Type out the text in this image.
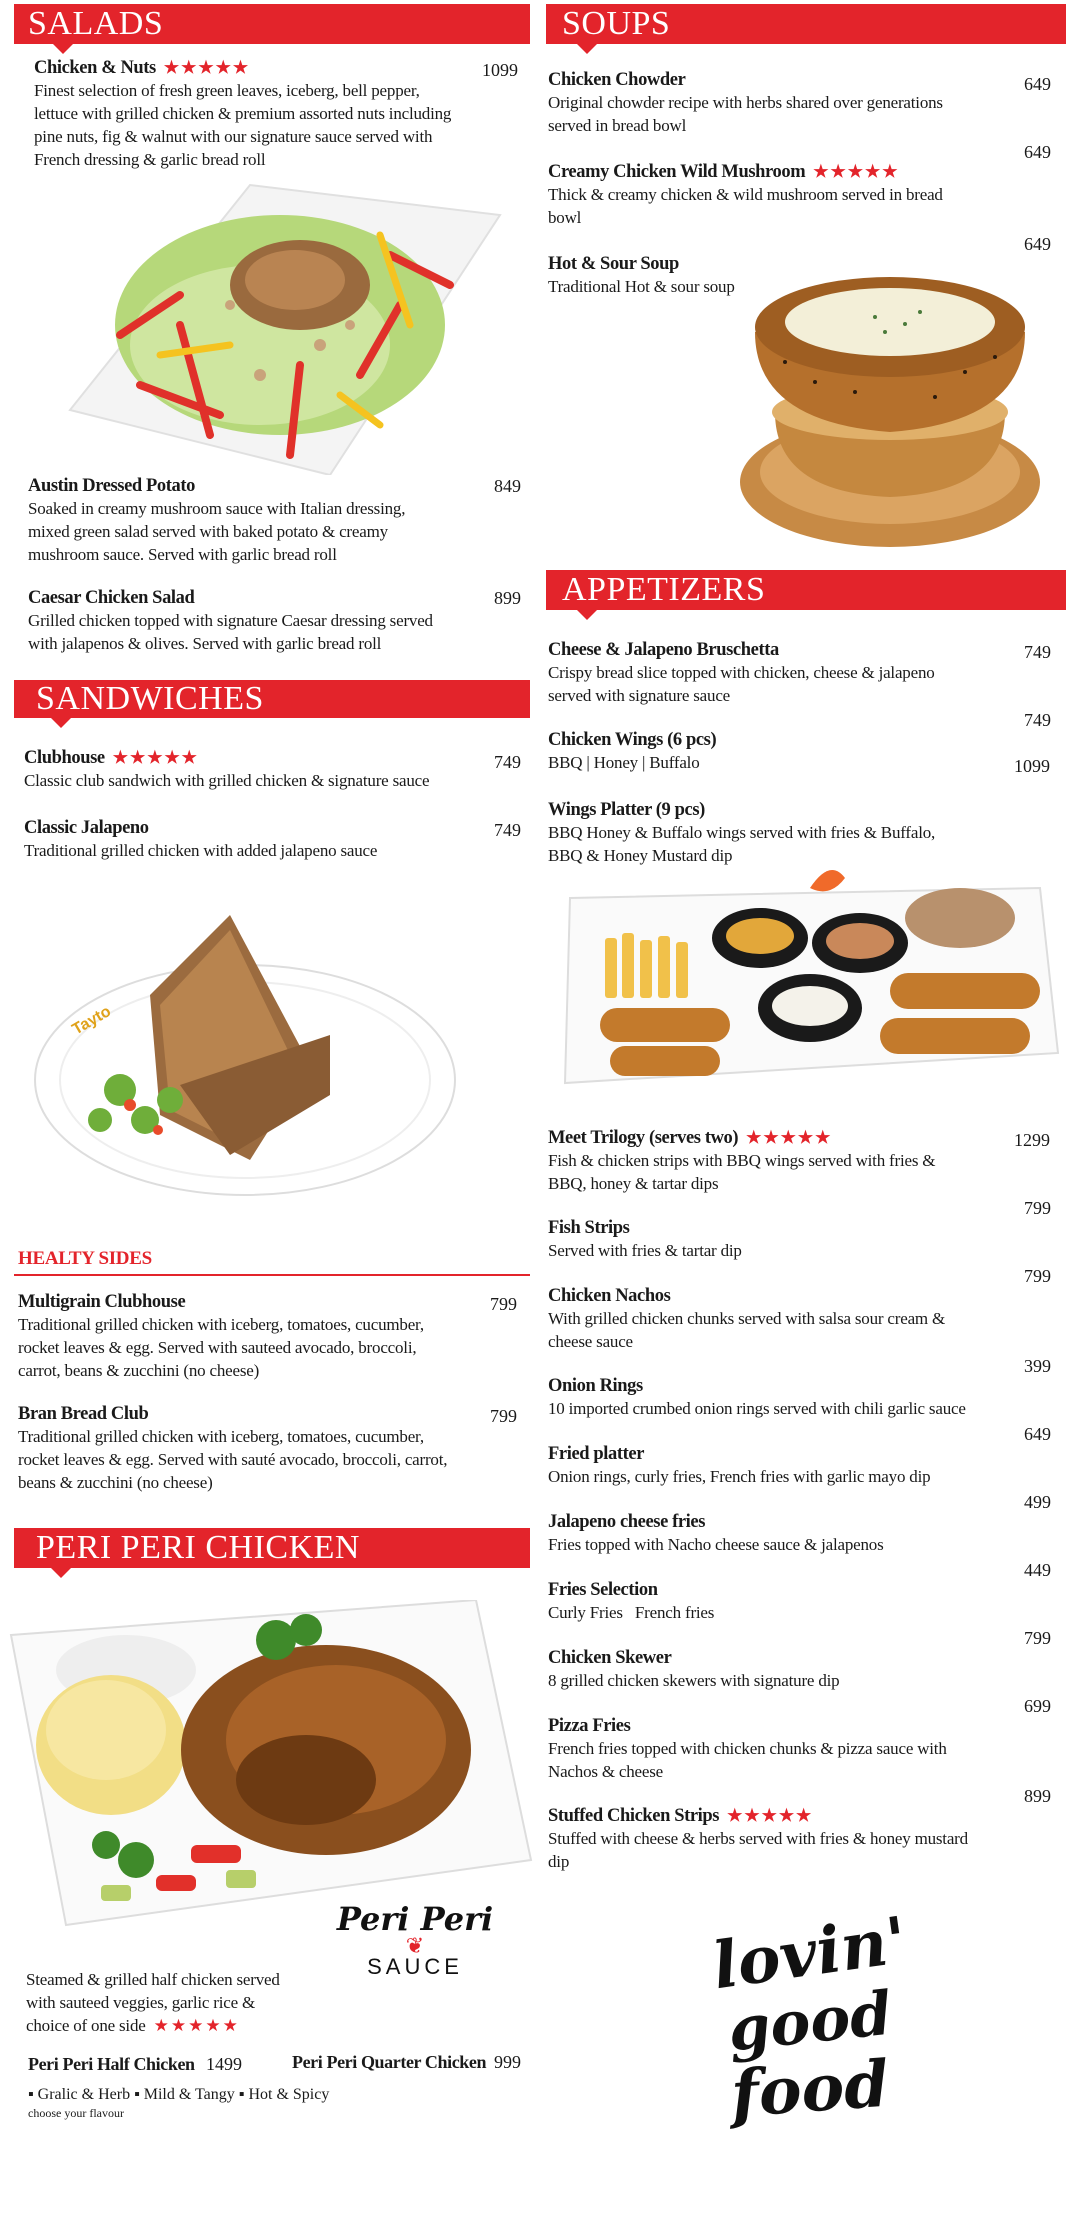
SALADS
Chicken & Nuts ★★★★★
Finest selection of fresh green leaves, iceberg, bell pepper, lettuce with grilled chicken & premium assorted nuts including pine nuts, fig & walnut with our signature sauce served with French dressing & garlic bread roll
1099
Austin Dressed Potato
Soaked in creamy mushroom sauce with Italian dressing, mixed green salad served with baked potato & creamy mushroom sauce. Served with garlic bread roll
849
Caesar Chicken Salad
Grilled chicken topped with signature Caesar dressing served with jalapenos & olives. Served with garlic bread roll
899
SANDWICHES
Clubhouse ★★★★★
Classic club sandwich with grilled chicken & signature sauce
749
Classic Jalapeno
Traditional grilled chicken with added jalapeno sauce
749
Tayto
HEALTY SIDES
Multigrain Clubhouse
Traditional grilled chicken with iceberg, tomatoes, cucumber, rocket leaves & egg. Served with sauteed avocado, broccoli, carrot, beans & zucchini (no cheese)
799
Bran Bread Club
Traditional grilled chicken with iceberg, tomatoes, cucumber, rocket leaves & egg. Served with sauté avocado, broccoli, carrot, beans & zucchini (no cheese)
799
PERI PERI CHICKEN
Peri Peri
❦
SAUCE
Steamed & grilled half chicken served with sauteed veggies, garlic rice & choice of one side ★★★★★
Peri Peri Half Chicken 1499	Peri Peri Quarter Chicken 999
▪ Gralic & Herb ▪ Mild & Tangy ▪ Hot & Spicy
choose your flavour
SOUPS
Chicken Chowder
Original chowder recipe with herbs shared over generations served in bread bowl
649
649
Creamy Chicken Wild Mushroom ★★★★★
Thick & creamy chicken & wild mushroom served in bread bowl
649
Hot & Sour Soup
Traditional Hot & sour soup
APPETIZERS
Cheese & Jalapeno Bruschetta
Crispy bread slice topped with chicken, cheese & jalapeno served with signature sauce
749
749
Chicken Wings (6 pcs)
BBQ | Honey | Buffalo	1099
Wings Platter (9 pcs)
BBQ Honey & Buffalo wings served with fries & Buffalo, BBQ & Honey Mustard dip
Meet Trilogy (serves two) ★★★★★
Fish & chicken strips with BBQ wings served with fries & BBQ, honey & tartar dips
1299
799
Fish Strips
Served with fries & tartar dip
799
Chicken Nachos
With grilled chicken chunks served with salsa sour cream & cheese sauce
399
Onion Rings
10 imported crumbed onion rings served with chili garlic sauce
649
Fried platter
Onion rings, curly fries, French fries with garlic mayo dip
499
Jalapeno cheese fries
Fries topped with Nacho cheese sauce & jalapenos
449
Fries Selection
Curly Fries   French fries
799
Chicken Skewer
8 grilled chicken skewers with signature dip
699
Pizza Fries
French fries topped with chicken chunks & pizza sauce with Nachos & cheese
899
Stuffed Chicken Strips ★★★★★
Stuffed with cheese & herbs served with fries & honey mustard dip
lovin'
good
food
